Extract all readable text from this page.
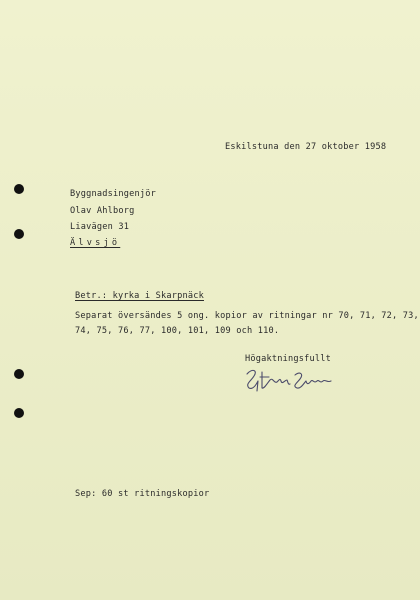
Eskilstuna den 27 oktober 1958
Byggnadsingenjör
Olav Ahlborg
Liavägen 31
Älvsjö
Betr.: kyrka i Skarpnäck
Separat översändes 5 ong. kopior av ritningar nr 70, 71, 72, 73,
74, 75, 76, 77, 100, 101, 109 och 110.
Högaktningsfullt
Sep: 60 st ritningskopior
